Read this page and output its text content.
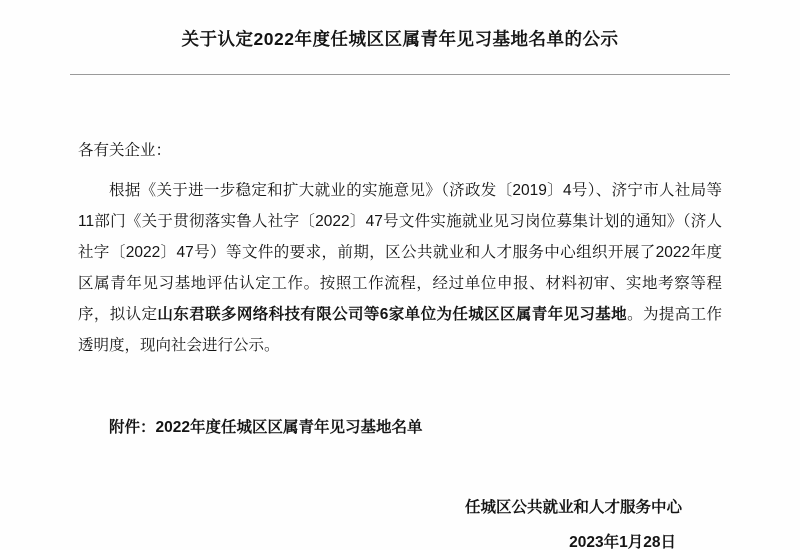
关于认定2022年度任城区区属青年见习基地名单的公示
各有关企业：
根据《关于进一步稳定和扩大就业的实施意见》（济政发〔2019〕4号）、济宁市人社局等11部门《关于贯彻落实鲁人社字〔2022〕47号文件实施就业见习岗位募集计划的通知》（济人社字〔2022〕47号）等文件的要求，前期，区公共就业和人才服务中心组织开展了2022年度区属青年见习基地评估认定工作。按照工作流程，经过单位申报、材料初审、实地考察等程序，拟认定山东君联多网络科技有限公司等6家单位为任城区区属青年见习基地。为提高工作透明度，现向社会进行公示。
附件：2022年度任城区区属青年见习基地名单
任城区公共就业和人才服务中心
2023年1月28日
